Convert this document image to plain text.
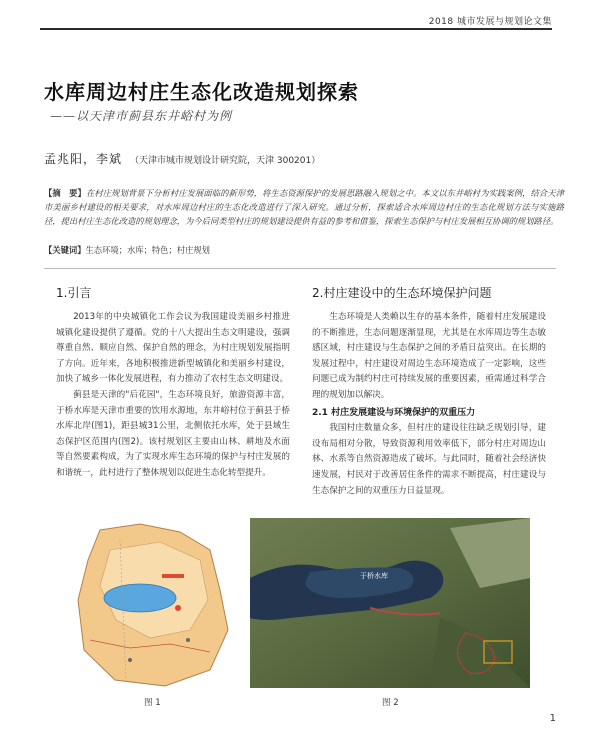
2018 城市发展与规划论文集
水库周边村庄生态化改造规划探索
——以天津市蓟县东井峪村为例
孟兆阳，李斌 （天津市城市规划设计研究院，天津 300201）
【摘　要】在村庄规划背景下分析村庄发展面临的新形势，将生态资源保护的发展思路融入规划之中。本文以东井峪村为实践案例，结合天津市美丽乡村建设的相关要求，对水库周边村庄的生态化改造进行了深入研究。通过分析，探索适合水库周边村庄的生态化规划方法与实施路径，提出村庄生态化改造的规划理念，为今后同类型村庄的规划建设提供有益的参考和借鉴，探索生态保护与村庄发展相互协调的规划路径。
【关键词】生态环境；水库；特色；村庄规划
1.引言

2013年的中央城镇化工作会议为我国建设美丽乡村推进城镇化建设提供了遵循。党的十八大提出生态文明建设，强调尊重自然、顺应自然、保护自然的理念，为村庄规划发展指明了方向。近年来，各地积极推进新型城镇化和美丽乡村建设，加快了城乡一体化发展进程，有力推动了农村生态文明建设。

蓟县是天津的"后花园"，生态环境良好，旅游资源丰富，于桥水库是天津市重要的饮用水源地，东井峪村位于蓟县于桥水库北岸(图1)，距县城31公里，北侧依托水库，处于县域生态保护区范围内(图2)。该村规划区主要由山林、耕地及水面等自然要素构成，为了实现水库生态环境的保护与村庄发展的和谐统一，此村进行了整体规划以促进生态化转型提升。

2.村庄建设中的生态环境保护问题

生态环境是人类赖以生存的基本条件，随着村庄发展建设的不断推进，生态问题逐渐显现，尤其是在水库周边等生态敏感区域，村庄建设与生态保护之间的矛盾日益突出。在长期的发展过程中，村庄建设对周边生态环境造成了一定影响，这些问题已成为制约村庄可持续发展的重要因素，亟需通过科学合理的规划加以解决。

2.1 村庄发展建设与环境保护的双重压力

我国村庄数量众多，但村庄的建设往往缺乏规划引导，建设布局相对分散，导致资源利用效率低下，部分村庄对周边山林、水系等自然资源造成了破坏。与此同时，随着社会经济快速发展，村民对于改善居住条件的需求不断提高，村庄建设与生态保护之间的双重压力日益显现。

于桥水库
图 1	图 2
1
